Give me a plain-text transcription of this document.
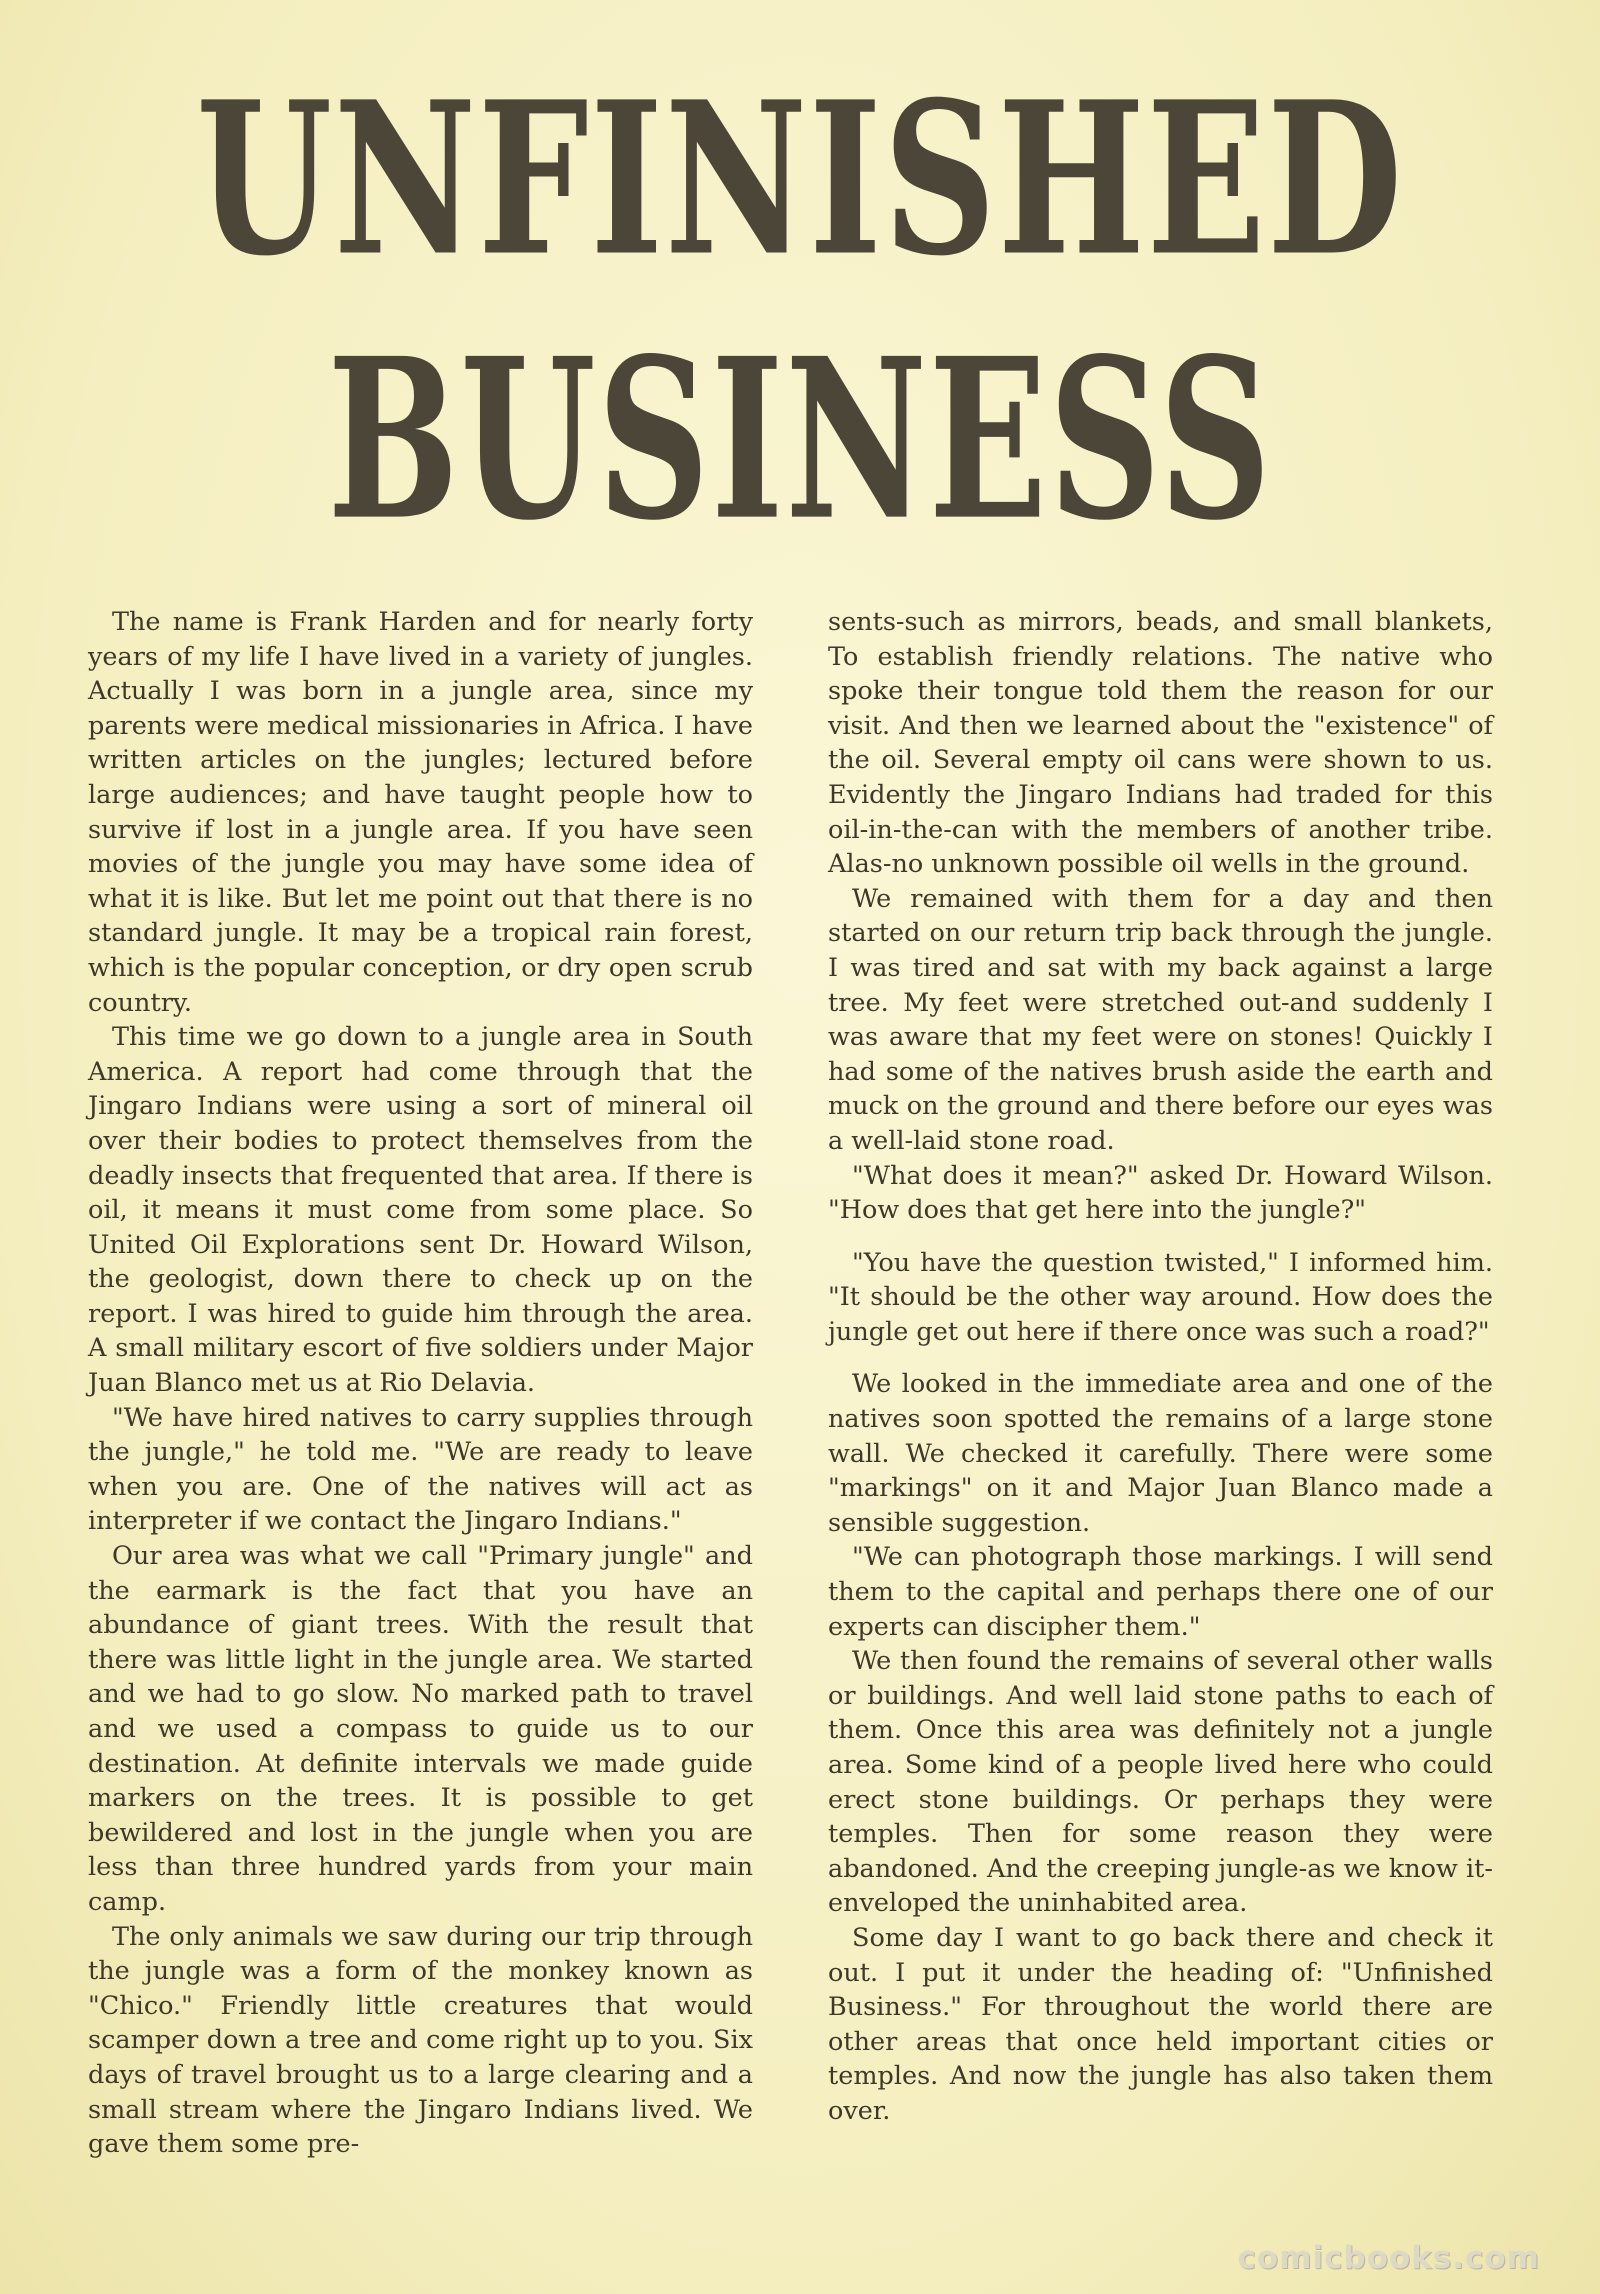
UNFINISHED
BUSINESS

The name is Frank Harden and for nearly forty years of my life I have lived in a variety of jungles. Actually I was born in a jungle area, since my parents were medical missionaries in Africa. I have written articles on the jungles; lectured before large audiences; and have taught people how to survive if lost in a jungle area. If you have seen movies of the jungle you may have some idea of what it is like. But let me point out that there is no standard jungle. It may be a tropical rain forest, which is the popular conception, or dry open scrub country.

This time we go down to a jungle area in South America. A report had come through that the Jingaro Indians were using a sort of mineral oil over their bodies to protect themselves from the deadly insects that frequented that area. If there is oil, it means it must come from some place. So United Oil Explorations sent Dr. Howard Wilson, the geologist, down there to check up on the report. I was hired to guide him through the area. A small military escort of five soldiers under Major Juan Blanco met us at Rio Delavia.

"We have hired natives to carry supplies through the jungle," he told me. "We are ready to leave when you are. One of the natives will act as interpreter if we contact the Jingaro Indians."

Our area was what we call "Primary jungle" and the earmark is the fact that you have an abundance of giant trees. With the result that there was little light in the jungle area. We started and we had to go slow. No marked path to travel and we used a compass to guide us to our destination. At definite intervals we made guide markers on the trees. It is possible to get bewildered and lost in the jungle when you are less than three hundred yards from your main camp.

The only animals we saw during our trip through the jungle was a form of the monkey known as "Chico." Friendly little creatures that would scamper down a tree and come right up to you. Six days of travel brought us to a large clearing and a small stream where the Jingaro Indians lived. We gave them some pre-

sents-such as mirrors, beads, and small blankets, To establish friendly relations. The native who spoke their tongue told them the reason for our visit. And then we learned about the "existence" of the oil. Several empty oil cans were shown to us. Evidently the Jingaro Indians had traded for this oil-in-the-can with the members of another tribe. Alas-no unknown possible oil wells in the ground.

We remained with them for a day and then started on our return trip back through the jungle. I was tired and sat with my back against a large tree. My feet were stretched out-and suddenly I was aware that my feet were on stones! Quickly I had some of the natives brush aside the earth and muck on the ground and there before our eyes was a well-laid stone road.

"What does it mean?" asked Dr. Howard Wilson. "How does that get here into the jungle?"

"You have the question twisted," I informed him. "It should be the other way around. How does the jungle get out here if there once was such a road?"

We looked in the immediate area and one of the natives soon spotted the remains of a large stone wall. We checked it carefully. There were some "markings" on it and Major Juan Blanco made a sensible suggestion.

"We can photograph those markings. I will send them to the capital and perhaps there one of our experts can discipher them."

We then found the remains of several other walls or buildings. And well laid stone paths to each of them. Once this area was definitely not a jungle area. Some kind of a people lived here who could erect stone buildings. Or perhaps they were temples. Then for some reason they were abandoned. And the creeping jungle-as we know it-enveloped the uninhabited area.

Some day I want to go back there and check it out. I put it under the heading of: "Unfinished Business." For throughout the world there are other areas that once held important cities or temples. And now the jungle has also taken them over.

comicbooks.com
